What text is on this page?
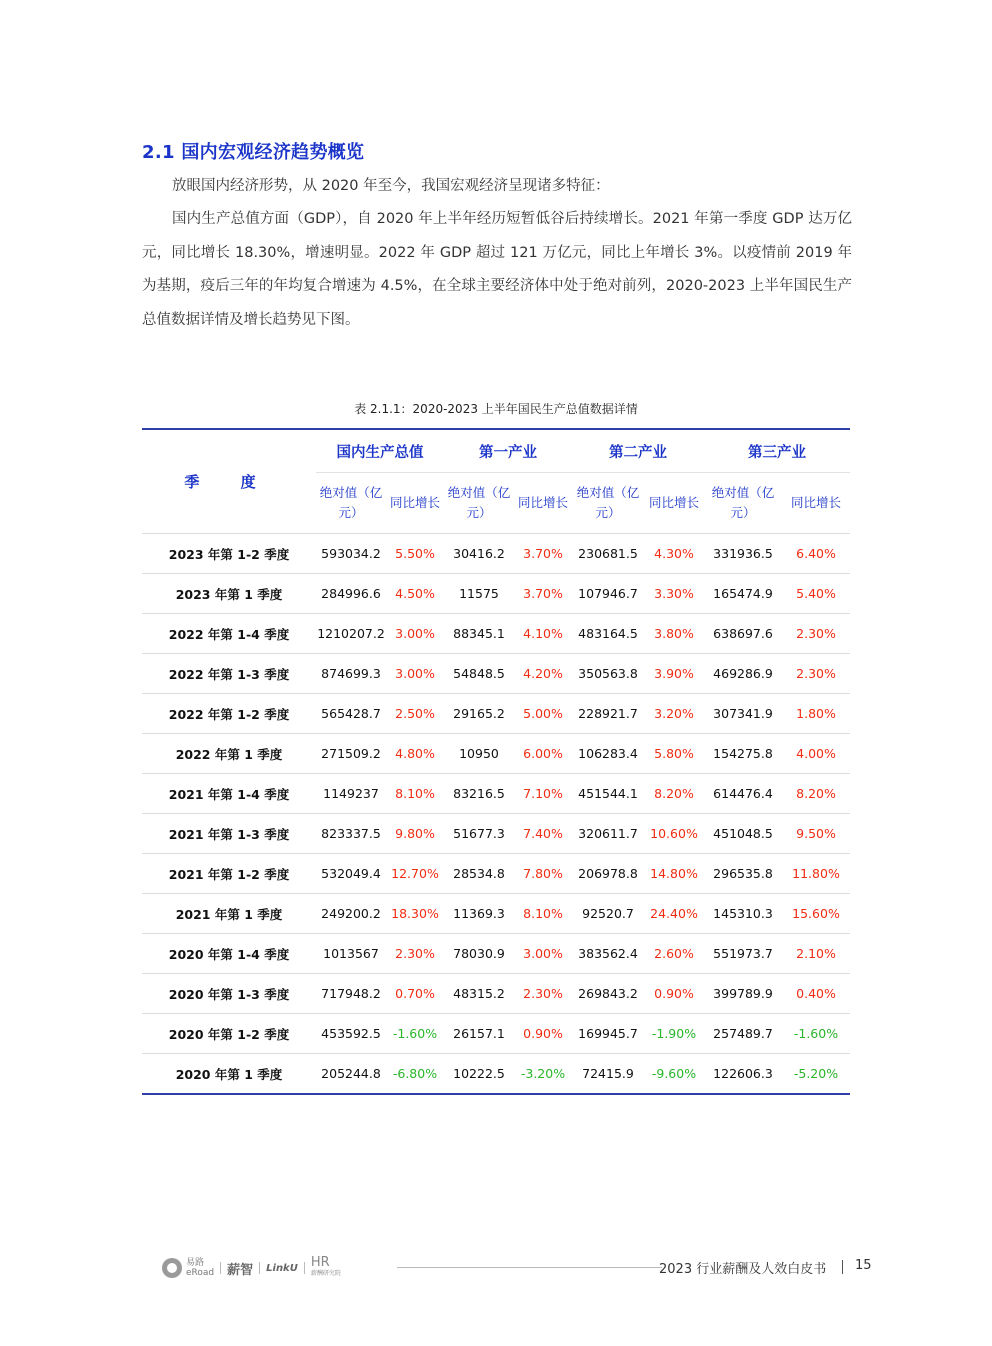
2.1 国内宏观经济趋势概览

放眼国内经济形势，从 2020 年至今，我国宏观经济呈现诸多特征：

国内生产总值方面（GDP），自 2020 年上半年经历短暂低谷后持续增长。2021 年第一季度 GDP 达万亿元，同比增长 18.30%，增速明显。2022 年 GDP 超过 121 万亿元，同比上年增长 3%。以疫情前 2019 年为基期，疫后三年的年均复合增速为 4.5%，在全球主要经济体中处于绝对前列，2020-2023 上半年国民生产总值数据详情及增长趋势见下图。

表 2.1.1：2020-2023 上半年国民生产总值数据详情
季 度	国内生产总值		第一产业		第二产业		第三产业	
	绝对值（亿元）	同比增长	绝对值（亿元）	同比增长	绝对值（亿元）	同比增长	绝对值（亿元）	同比增长
2023 年第 1-2 季度	593034.2	5.50%	30416.2	3.70%	230681.5	4.30%	331936.5	6.40%
2023 年第 1 季度	284996.6	4.50%	11575	3.70%	107946.7	3.30%	165474.9	5.40%
2022 年第 1-4 季度	1210207.2	3.00%	88345.1	4.10%	483164.5	3.80%	638697.6	2.30%
2022 年第 1-3 季度	874699.3	3.00%	54848.5	4.20%	350563.8	3.90%	469286.9	2.30%
2022 年第 1-2 季度	565428.7	2.50%	29165.2	5.00%	228921.7	3.20%	307341.9	1.80%
2022 年第 1 季度	271509.2	4.80%	10950	6.00%	106283.4	5.80%	154275.8	4.00%
2021 年第 1-4 季度	1149237	8.10%	83216.5	7.10%	451544.1	8.20%	614476.4	8.20%
2021 年第 1-3 季度	823337.5	9.80%	51677.3	7.40%	320611.7	10.60%	451048.5	9.50%
2021 年第 1-2 季度	532049.4	12.70%	28534.8	7.80%	206978.8	14.80%	296535.8	11.80%
2021 年第 1 季度	249200.2	18.30%	11369.3	8.10%	92520.7	24.40%	145310.3	15.60%
2020 年第 1-4 季度	1013567	2.30%	78030.9	3.00%	383562.4	2.60%	551973.7	2.10%
2020 年第 1-3 季度	717948.2	0.70%	48315.2	2.30%	269843.2	0.90%	399789.9	0.40%
2020 年第 1-2 季度	453592.5	-1.60%	26157.1	0.90%	169945.7	-1.90%	257489.7	-1.60%
2020 年第 1 季度	205244.8	-6.80%	10222.5	-3.20%	72415.9	-9.60%	122606.3	-5.20%
易路
eRoad 薪智 LinkU HR
薪酬研究院	2023 行业薪酬及人效白皮书 15
